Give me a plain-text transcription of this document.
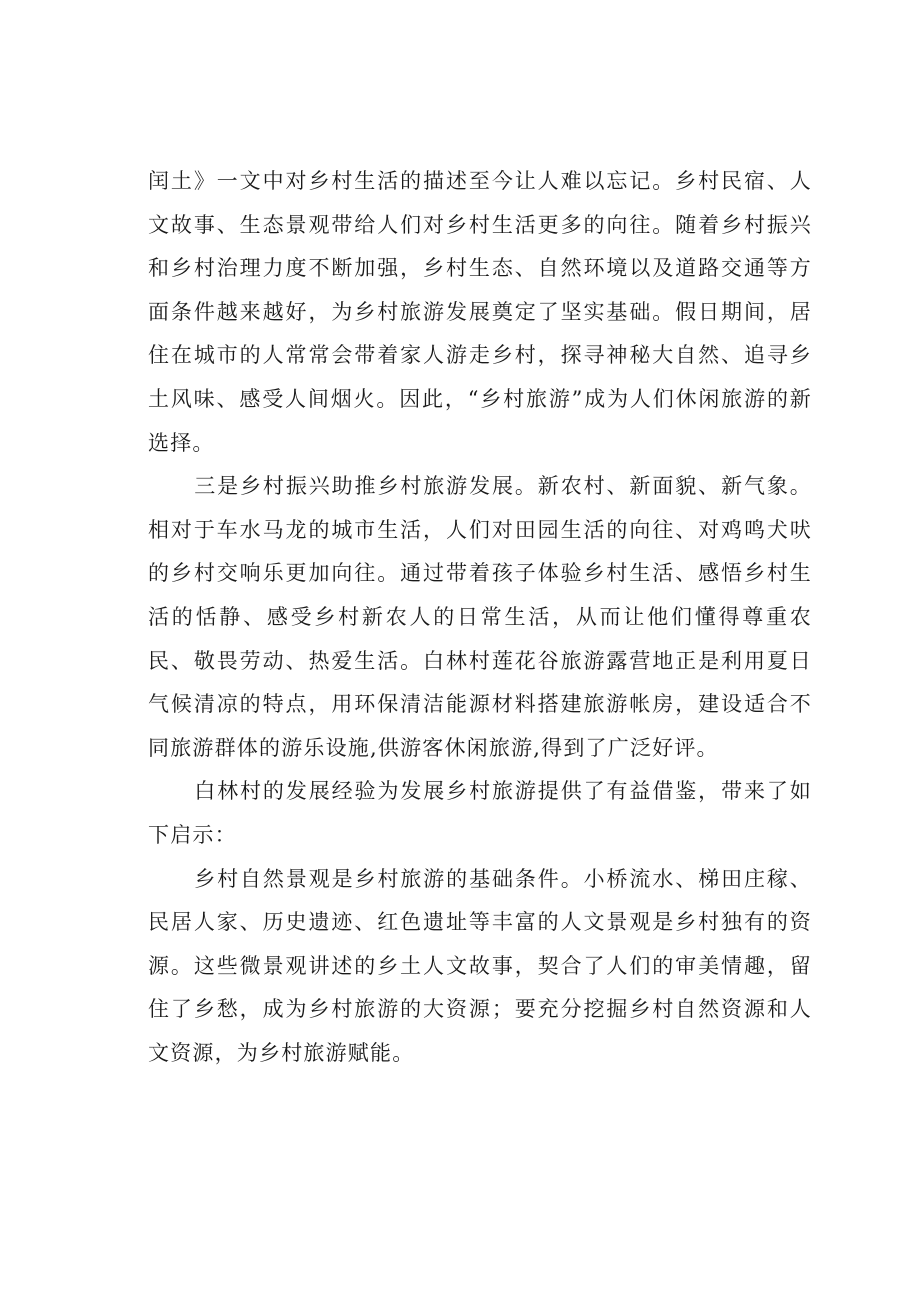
闰土》一文中对乡村生活的描述至今让人难以忘记。乡村民宿、人文故事、生态景观带给人们对乡村生活更多的向往。随着乡村振兴和乡村治理力度不断加强，乡村生态、自然环境以及道路交通等方面条件越来越好，为乡村旅游发展奠定了坚实基础。假日期间，居住在城市的人常常会带着家人游走乡村，探寻神秘大自然、追寻乡土风味、感受人间烟火。因此，“乡村旅游”成为人们休闲旅游的新选择。

三是乡村振兴助推乡村旅游发展。新农村、新面貌、新气象。相对于车水马龙的城市生活，人们对田园生活的向往、对鸡鸣犬吠的乡村交响乐更加向往。通过带着孩子体验乡村生活、感悟乡村生活的恬静、感受乡村新农人的日常生活，从而让他们懂得尊重农民、敬畏劳动、热爱生活。白林村莲花谷旅游露营地正是利用夏日气候清凉的特点，用环保清洁能源材料搭建旅游帐房，建设适合不同旅游群体的游乐设施,供游客休闲旅游,得到了广泛好评。

白林村的发展经验为发展乡村旅游提供了有益借鉴，带来了如下启示：

乡村自然景观是乡村旅游的基础条件。小桥流水、梯田庄稼、民居人家、历史遗迹、红色遗址等丰富的人文景观是乡村独有的资源。这些微景观讲述的乡土人文故事，契合了人们的审美情趣，留住了乡愁，成为乡村旅游的大资源；要充分挖掘乡村自然资源和人文资源，为乡村旅游赋能。
